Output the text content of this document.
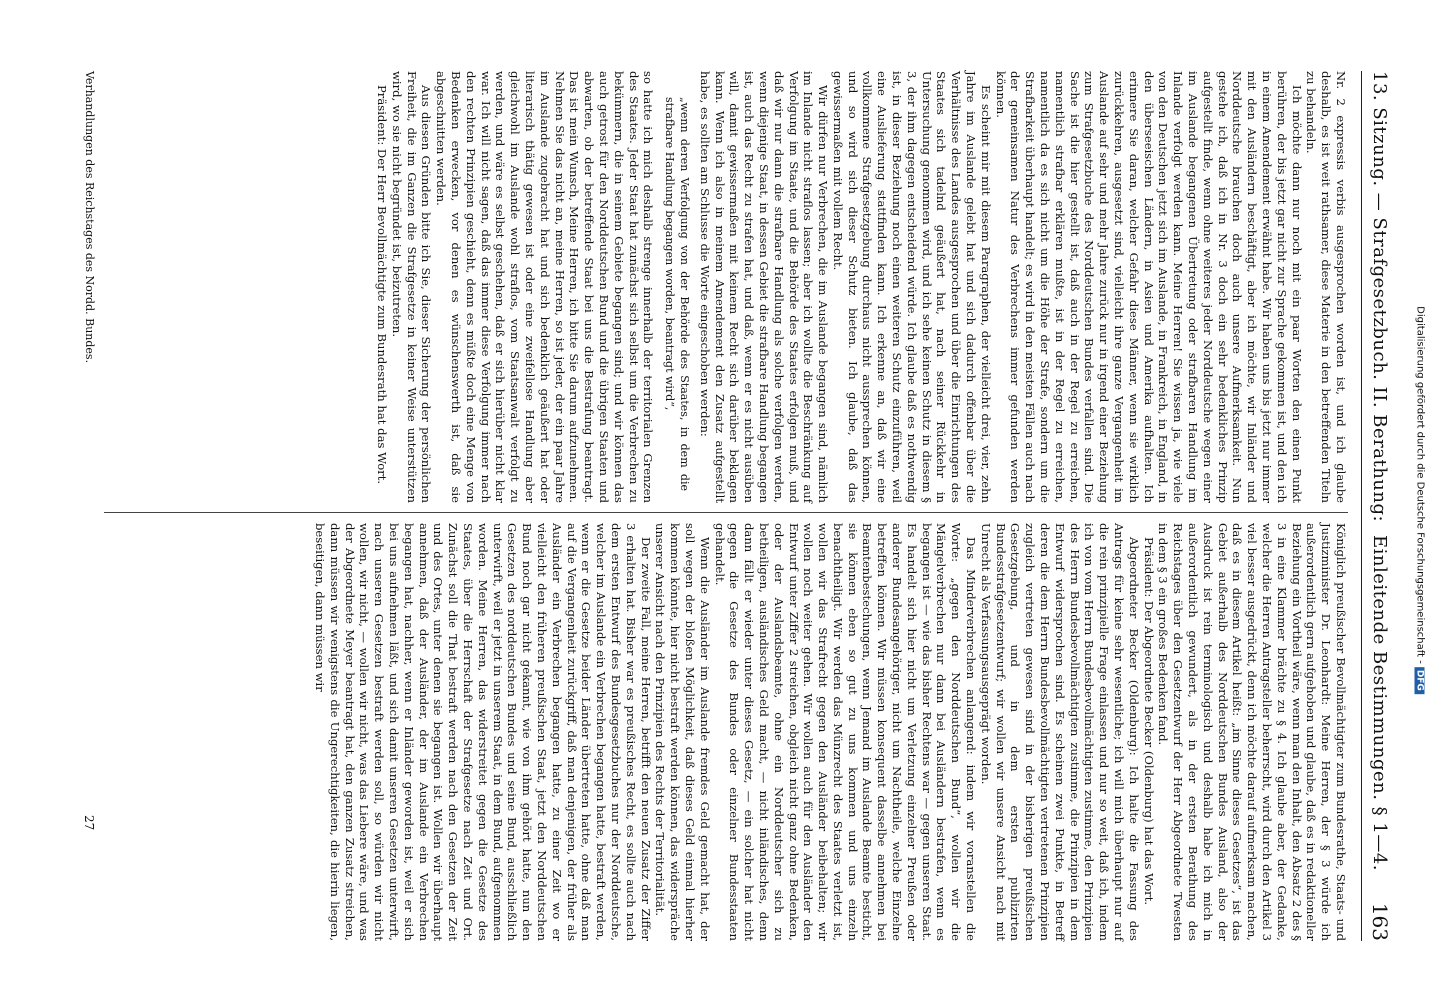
13. Sitzung. — Strafgesetzbuch. II. Berathung:
Einleitende Bestimmungen. § 1—4.
163

Nr. 2 expressis verbis ausgesprochen worden ist, und ich glaube deshalb, es ist weit rathsamer, diese Materie in den betreffenden Titeln zu behandeln.

Ich möchte dann nur noch mit ein paar Worten den einen Punkt berühren, der bis jetzt gar nicht zur Sprache gekommen ist, und den ich in einem Amendement erwähnt habe. Wir haben uns bis jetzt nur immer mit den Ausländern beschäftigt, aber ich möchte, wir Inländer und Norddeutsche brauchen doch auch unsere Aufmerksamkeit. Nun gestehe ich, daß ich in Nr. 3 doch ein sehr bedenkliches Prinzip aufgestellt finde, wenn ohne weiteres jeder Norddeutsche wegen einer im Auslande begangenen Übertretung oder strafbaren Handlung im Inlande verfolgt werden kann. Meine Herren! Sie wissen ja, wie viele von den Deutschen jetzt sich im Auslande, in Frankreich, in England, in den überseeischen Ländern, in Asien und Amerika aufhalten. Ich erinnere Sie daran, welcher Gefahr diese Männer, wenn sie wirklich zurückkehren, ausgesetzt sind, vielleicht ihre ganze Vergangenheit im Auslande auf sehr und mehr Jahre zurück nur in irgend einer Beziehung zum Strafgesetzbuche des Norddeutschen Bundes verfallen sind. Die Sache ist die hier gestellt ist, daß auch in der Regel zu erreichen, namentlich strafbar erklären mußte, ist in der Regel zu erreichen, namentlich da es sich nicht um die Höhe der Strafe, sondern um die Strafbarkeit überhaupt handelt; es wird in den meisten Fällen auch nach der gemeinsamen Natur des Verbrechens immer gefunden werden können.

Es scheint mir mit diesem Paragraphen, der vielleicht drei, vier, zehn Jahre im Auslande gelebt hat und sich dadurch offenbar über die Verhältnisse des Landes ausgesprochen und über die Einrichtungen des Staates sich tadelnd geäußert hat, nach seiner Rückkehr in Untersuchung genommen wird, und ich sehe keinen Schutz in diesem § 3, der ihm dagegen entscheidend würde. Ich glaube daß es nothwendig ist, in dieser Beziehung noch einen weiteren Schutz einzuführen, weil eine Auslieferung stattfinden kann. Ich erkenne an, daß wir eine vollkommene Strafgesetzgebung durchaus nicht aussprechen können, und so wird sich dieser Schutz bieten. Ich glaube, daß das gewissermaßen mit vollem Recht.

Wir dürfen nur Verbrechen, die im Auslande begangen sind, nämlich im Inlande nicht straflos lassen; aber ich wollte die Beschränkung auf Verfolgung im Staate, und die Behörde des Staates erfolgen muß, und daß wir nur dann die strafbare Handlung als solche verfolgen werden, wenn diejenige Staat, in dessen Gebiet die strafbare Handlung begangen ist, auch das Recht zu strafen hat, und daß, wenn er es nicht ausüben will, damit gewissermaßen mit keinem Recht sich darüber beklagen kann. Wenn ich also in meinem Amendement den Zusatz aufgestellt habe, es sollten am Schlusse die Worte eingeschoben werden:

„wenn deren Verfolgung von der Behörde des Staates, in dem die strafbare Handlung begangen worden, beantragt wird“,

so hatte ich mich deshalb strenge innerhalb der territorialen Grenzen des Staates. Jeder Staat hat zunächst sich selbst um die Verbrechen zu bekümmern, die in seinem Gebiete begangen sind; und wir können das auch getrost für den Norddeutschen Bund und die übrigen Staaten und abwarten, ob der betreffende Staat bei uns die Bestrafung beantragt. Das ist mein Wunsch, Meine Herren, ich bitte Sie darum aufzunehmen. Nehmen Sie das nicht an, meine Herren, so ist jeder, der ein paar Jahre im Auslande zugebracht hat und sich bedenklich geäußert hat oder literarisch thätig gewesen ist oder eine zweifellose Handlung aber gleichwohl im Auslande wohl straflos, vom Staatsanwalt verfolgt zu werden, und wäre es selbst geschehen, daß er sich hierüber nicht klar war. Ich will nicht sagen, daß das immer diese Verfolgung immer nach den rechten Prinzipien geschieht, denn es müßte doch eine Menge von Bedenken erwecken, vor denen es wünschenswerth ist, daß sie abgeschnitten werden.

Aus diesen Gründen bitte ich Sie, dieser Sicherung der persönlichen Freiheit, die im Ganzen die Strafgesetze in keiner Weise unterstützen wird, wo sie nicht begründet ist, beizutreten.

Präsident: Der Herr Bevollmächtigte zum Bundesrath hat das Wort.

Königlich preußischer Bevollmächtigter zum Bundesrathe, Staats- und Justizminister Dr. Leonhardt: Meine Herren, der § 3 würde ich außerordentlich gern aufgehoben und glaube, daß es in redaktioneller Beziehung ein Vortheil wäre, wenn man den Inhalt, den Absatz 2 des § 3 in eine Klammer brächte zu § 4. Ich glaube aber, der Gedanke, welcher die Herren Antragsteller beherrscht, wird durch den Artikel 3 viel besser ausgedrückt, denn ich möchte darauf aufmerksam machen, daß es in diesem Artikel heißt: „im Sinne dieses Gesetzes“, ist das Gebiet außerhalb des Norddeutschen Bundes Ausland, also der Ausdruck ist rein terminologisch und deshalb habe ich mich in außerordentlich gewundert, als in der ersten Berathung des Reichstages über den Gesetzentwurf der Herr Abgeordnete Twesten in dem § 3 ein großes Bedenken fand.

Präsident: Der Abgeordnete Becker (Oldenburg) hat das Wort.

Abgeordneter Becker (Oldenburg): Ich halte die Fassung des Antrags für keine sehr wesentliche; ich will mich überhaupt nur auf die rein prinzipielle Frage einlassen und nur so weit, daß ich, indem ich von vom Herrn Bundesbevollmächtigten zustimme, den Prinzipien des Herrn Bundesbevollmächtigten zustimme, die Prinzipien in dem Entwurf widersprochen sind. Es scheinen zwei Punkte, in Betreff deren die dem Herrn Bundesbevollmächtigten vertretenen Prinzipien zugleich vertreten gewesen sind in der bisherigen preußischen Gesetzgebung, und in dem ersten publizirten Bundesstrafgesetzentwurf; wir wollen wir unsere Ansicht nach mit Unrecht als Verfassungsausgeprägt worden.

Das Minderverbrechen anlangend: indem wir voranstellen die Worte: „gegen den Norddeutschen Bund“, wollen wir die Mängelverbrechen nur dann bei Ausländern bestrafen, wenn es begangen ist — wie das bisher Rechtens war — gegen unseren Staat. Es handelt sich hier nicht um Verletzung einzelner Preußen oder anderer Bundesangehöriger, nicht um Nachtheile, welche Einzelne betreffen können. Wir müssen konsequent dasselbe annehmen bei Beamtenbestechungen, wenn Jemand im Auslande Beamte besticht, sie können eben so gut zu uns kommen und uns einzeln benachtheiligt. Wir werden das Münzrecht des Staates verletzt ist, wollen wir das Strafrecht gegen den Ausländer beibehalten; wir wollen noch weiter gehen. Wir wollen auch für den Ausländer den Entwurf unter Ziffer 2 streichen, obgleich nicht ganz ohne Bedenken, oder der Auslandsbeamte, ohne ein Norddeutscher sich zu betheiligen, ausländisches Geld macht, — nicht inländisches, denn dann fällt er wieder unter dieses Gesetz, — ein solcher hat nicht gegen die Gesetze des Bundes oder einzelner Bundesstaaten gehandelt.

Wenn die Ausländer im Auslande fremdes Geld gemacht hat, der soll wegen der bloßen Möglichkeit, daß dieses Geld einmal hierher kommen könnte, hier nicht bestraft werden können, das widerspräche unserer Ansicht nach den Prinzipien des Rechts der Territorialität.

Der zweite Fall, meine Herren, betrifft den neuen Zusatz der Ziffer 3 erhalten hat. Bisher war es preußisches Recht, es sollte auch nach dem ersten Entwurf des Bundesgesetzbuches nur der Norddeutsche, welcher im Auslande ein Verbrechen begangen hatte, bestraft werden, wenn er die Gesetze beider Länder übertreten hatte, ohne daß man auf die Vergangenheit zurückgriff, daß man denjenigen, der früher als Ausländer ein Verbrechen begangen hatte, zu einer Zeit wo er vielleicht den früheren preußischen Staat, jetzt den Norddeutschen Bund noch gar nicht gekannt, wie von ihm gehört hatte, nun den Gesetzen des norddeutschen Bundes und seine Bund, ausschließlich unterwirft, weil er jetzt in unserem Staat, in dem Bund, aufgenommen worden. Meine Herren, das widerstreitet gegen die Gesetze des Staates, über die Herrschaft der Strafgesetze nach Zeit und Ort. Zunächst soll die That bestraft werden nach den Gesetzen der Zeit und des Ortes, unter denen sie begangen ist. Wollen wir überhaupt annehmen, daß der Ausländer, der im Auslande ein Verbrechen begangen hat, nachher, wenn er Inländer geworden ist, weil er sich bei uns aufnehmen läßt, und sich damit unseren Gesetzen unterwirft, nach unseren Gesetzen bestraft werden soll, so würden wir nicht wollen, wir nicht, — wollen wir nicht, was das Liebere wäre, und was der Abgeordnete Meyer beantragt hat, den ganzen Zusatz streichen, dann müssen wir wenigstens die Ungerechtigkeiten, die hierin liegen, beseitigen, dann müssen wir

Verhandlungen des Reichstages des Nordd. Bundes.
27
Digitalisierung gefördert durch die Deutsche Forschungsgemeinschaft -DFG
